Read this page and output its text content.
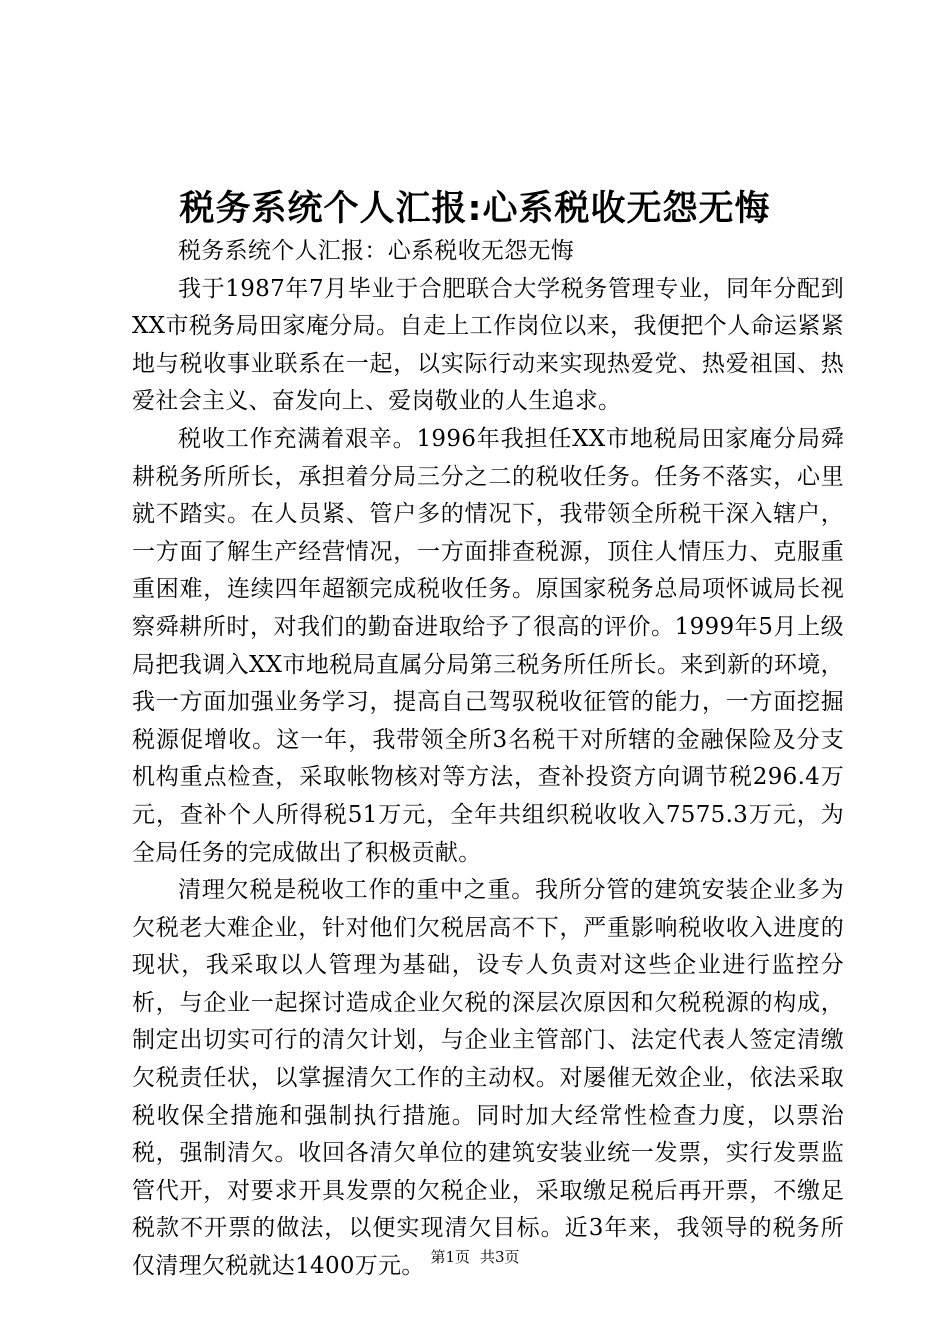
税务系统个人汇报:心系税收无怨无悔

税务系统个人汇报：心系税收无怨无悔

我于1987年7月毕业于合肥联合大学税务管理专业，同年分配到XX市税务局田家庵分局。自走上工作岗位以来，我便把个人命运紧紧地与税收事业联系在一起，以实际行动来实现热爱党、热爱祖国、热爱社会主义、奋发向上、爱岗敬业的人生追求。

税收工作充满着艰辛。1996年我担任XX市地税局田家庵分局舜耕税务所所长，承担着分局三分之二的税收任务。任务不落实，心里就不踏实。在人员紧、管户多的情况下，我带领全所税干深入辖户，一方面了解生产经营情况，一方面排查税源，顶住人情压力、克服重重困难，连续四年超额完成税收任务。原国家税务总局项怀诚局长视察舜耕所时，对我们的勤奋进取给予了很高的评价。1999年5月上级局把我调入XX市地税局直属分局第三税务所任所长。来到新的环境，我一方面加强业务学习，提高自己驾驭税收征管的能力，一方面挖掘税源促增收。这一年，我带领全所3名税干对所辖的金融保险及分支机构重点检查，采取帐物核对等方法，查补投资方向调节税296.4万元，查补个人所得税51万元，全年共组织税收收入7575.3万元，为全局任务的完成做出了积极贡献。

清理欠税是税收工作的重中之重。我所分管的建筑安装企业多为欠税老大难企业，针对他们欠税居高不下，严重影响税收收入进度的现状，我采取以人管理为基础，设专人负责对这些企业进行监控分析，与企业一起探讨造成企业欠税的深层次原因和欠税税源的构成，制定出切实可行的清欠计划，与企业主管部门、法定代表人签定清缴欠税责任状，以掌握清欠工作的主动权。对屡催无效企业，依法采取税收保全措施和强制执行措施。同时加大经常性检查力度，以票治税，强制清欠。收回各清欠单位的建筑安装业统一发票，实行发票监管代开，对要求开具发票的欠税企业，采取缴足税后再开票，不缴足税款不开票的做法，以便实现清欠目标。近3年来，我领导的税务所仅清理欠税就达1400万元。 第1页 共3页
